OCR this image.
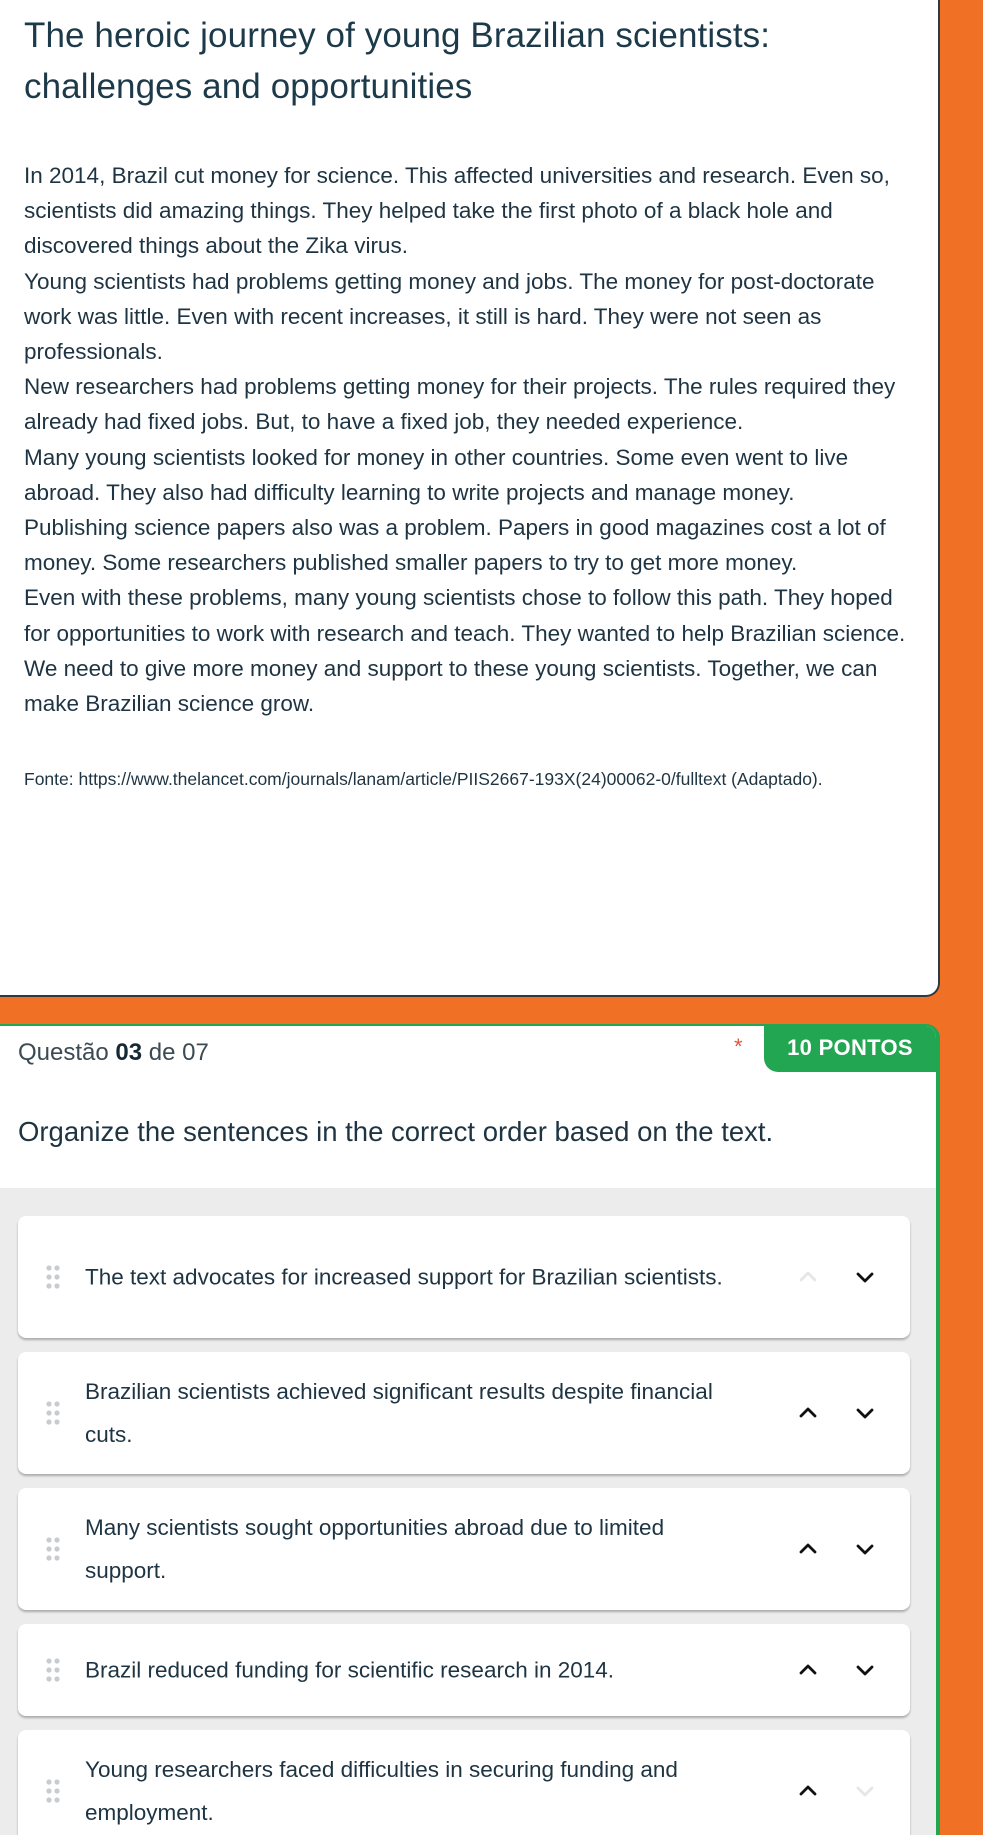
The heroic journey of young Brazilian scientists: challenges and opportunities

In 2014, Brazil cut money for science. This affected universities and research. Even so, scientists did amazing things. They helped take the first photo of a black hole and discovered things about the Zika virus.

Young scientists had problems getting money and jobs. The money for post-doctorate work was little. Even with recent increases, it still is hard. They were not seen as professionals.

New researchers had problems getting money for their projects. The rules required they already had fixed jobs. But, to have a fixed job, they needed experience.

Many young scientists looked for money in other countries. Some even went to live abroad. They also had difficulty learning to write projects and manage money.

Publishing science papers also was a problem. Papers in good magazines cost a lot of money. Some researchers published smaller papers to try to get more money.

Even with these problems, many young scientists chose to follow this path. They hoped for opportunities to work with research and teach. They wanted to help Brazilian science.

We need to give more money and support to these young scientists. Together, we can make Brazilian science grow.

Fonte: https://www.thelancet.com/journals/lanam/article/PIIS2667-193X(24)00062-0/fulltext (Adaptado).

Questão 03 de 07	*	10 PONTOS

Organize the sentences in the correct order based on the text.

The text advocates for increased support for Brazilian scientists.
Brazilian scientists achieved significant results despite financial cuts.
Many scientists sought opportunities abroad due to limited support.
Brazil reduced funding for scientific research in 2014.
Young researchers faced difficulties in securing funding and employment.
